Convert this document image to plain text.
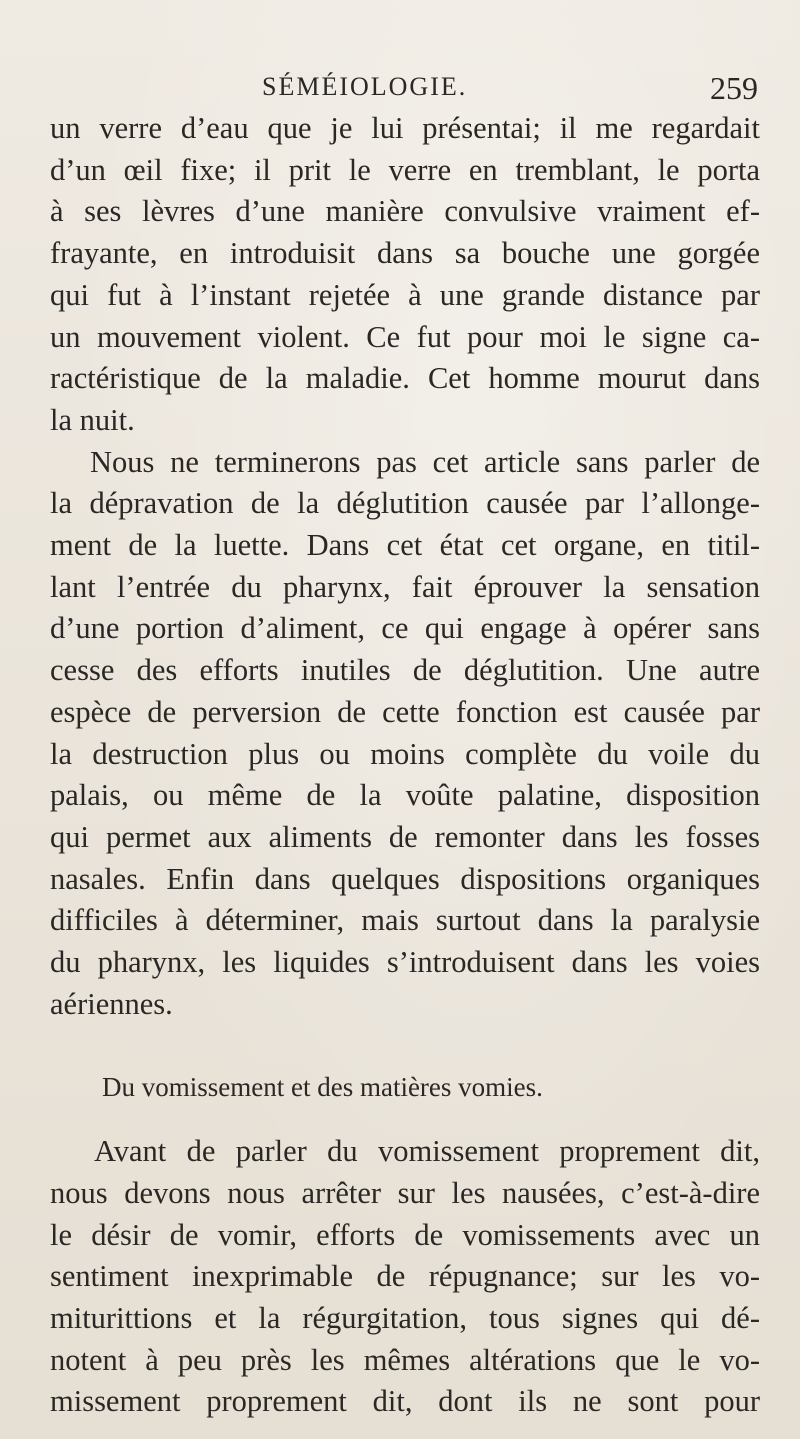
SÉMÉIOLOGIE.	259
un verre d’eau que je lui présentai; il me regardait
d’un œil fixe; il prit le verre en tremblant, le porta
à ses lèvres d’une manière convulsive vraiment ef-
frayante, en introduisit dans sa bouche une gorgée
qui fut à l’instant rejetée à une grande distance par
un mouvement violent. Ce fut pour moi le signe ca-
ractéristique de la maladie. Cet homme mourut dans
la nuit.
Nous ne terminerons pas cet article sans parler de
la dépravation de la déglutition causée par l’allonge-
ment de la luette. Dans cet état cet organe, en titil-
lant l’entrée du pharynx, fait éprouver la sensation
d’une portion d’aliment, ce qui engage à opérer sans
cesse des efforts inutiles de déglutition. Une autre
espèce de perversion de cette fonction est causée par
la destruction plus ou moins complète du voile du
palais, ou même de la voûte palatine, disposition
qui permet aux aliments de remonter dans les fosses
nasales. Enfin dans quelques dispositions organiques
difficiles à déterminer, mais surtout dans la paralysie
du pharynx, les liquides s’introduisent dans les voies
aériennes.
Du vomissement et des matières vomies.
Avant de parler du vomissement proprement dit,
nous devons nous arrêter sur les nausées, c’est-à-dire
le désir de vomir, efforts de vomissements avec un
sentiment inexprimable de répugnance; sur les vo-
miturittions et la régurgitation, tous signes qui dé-
notent à peu près les mêmes altérations que le vo-
missement proprement dit, dont ils ne sont pour
